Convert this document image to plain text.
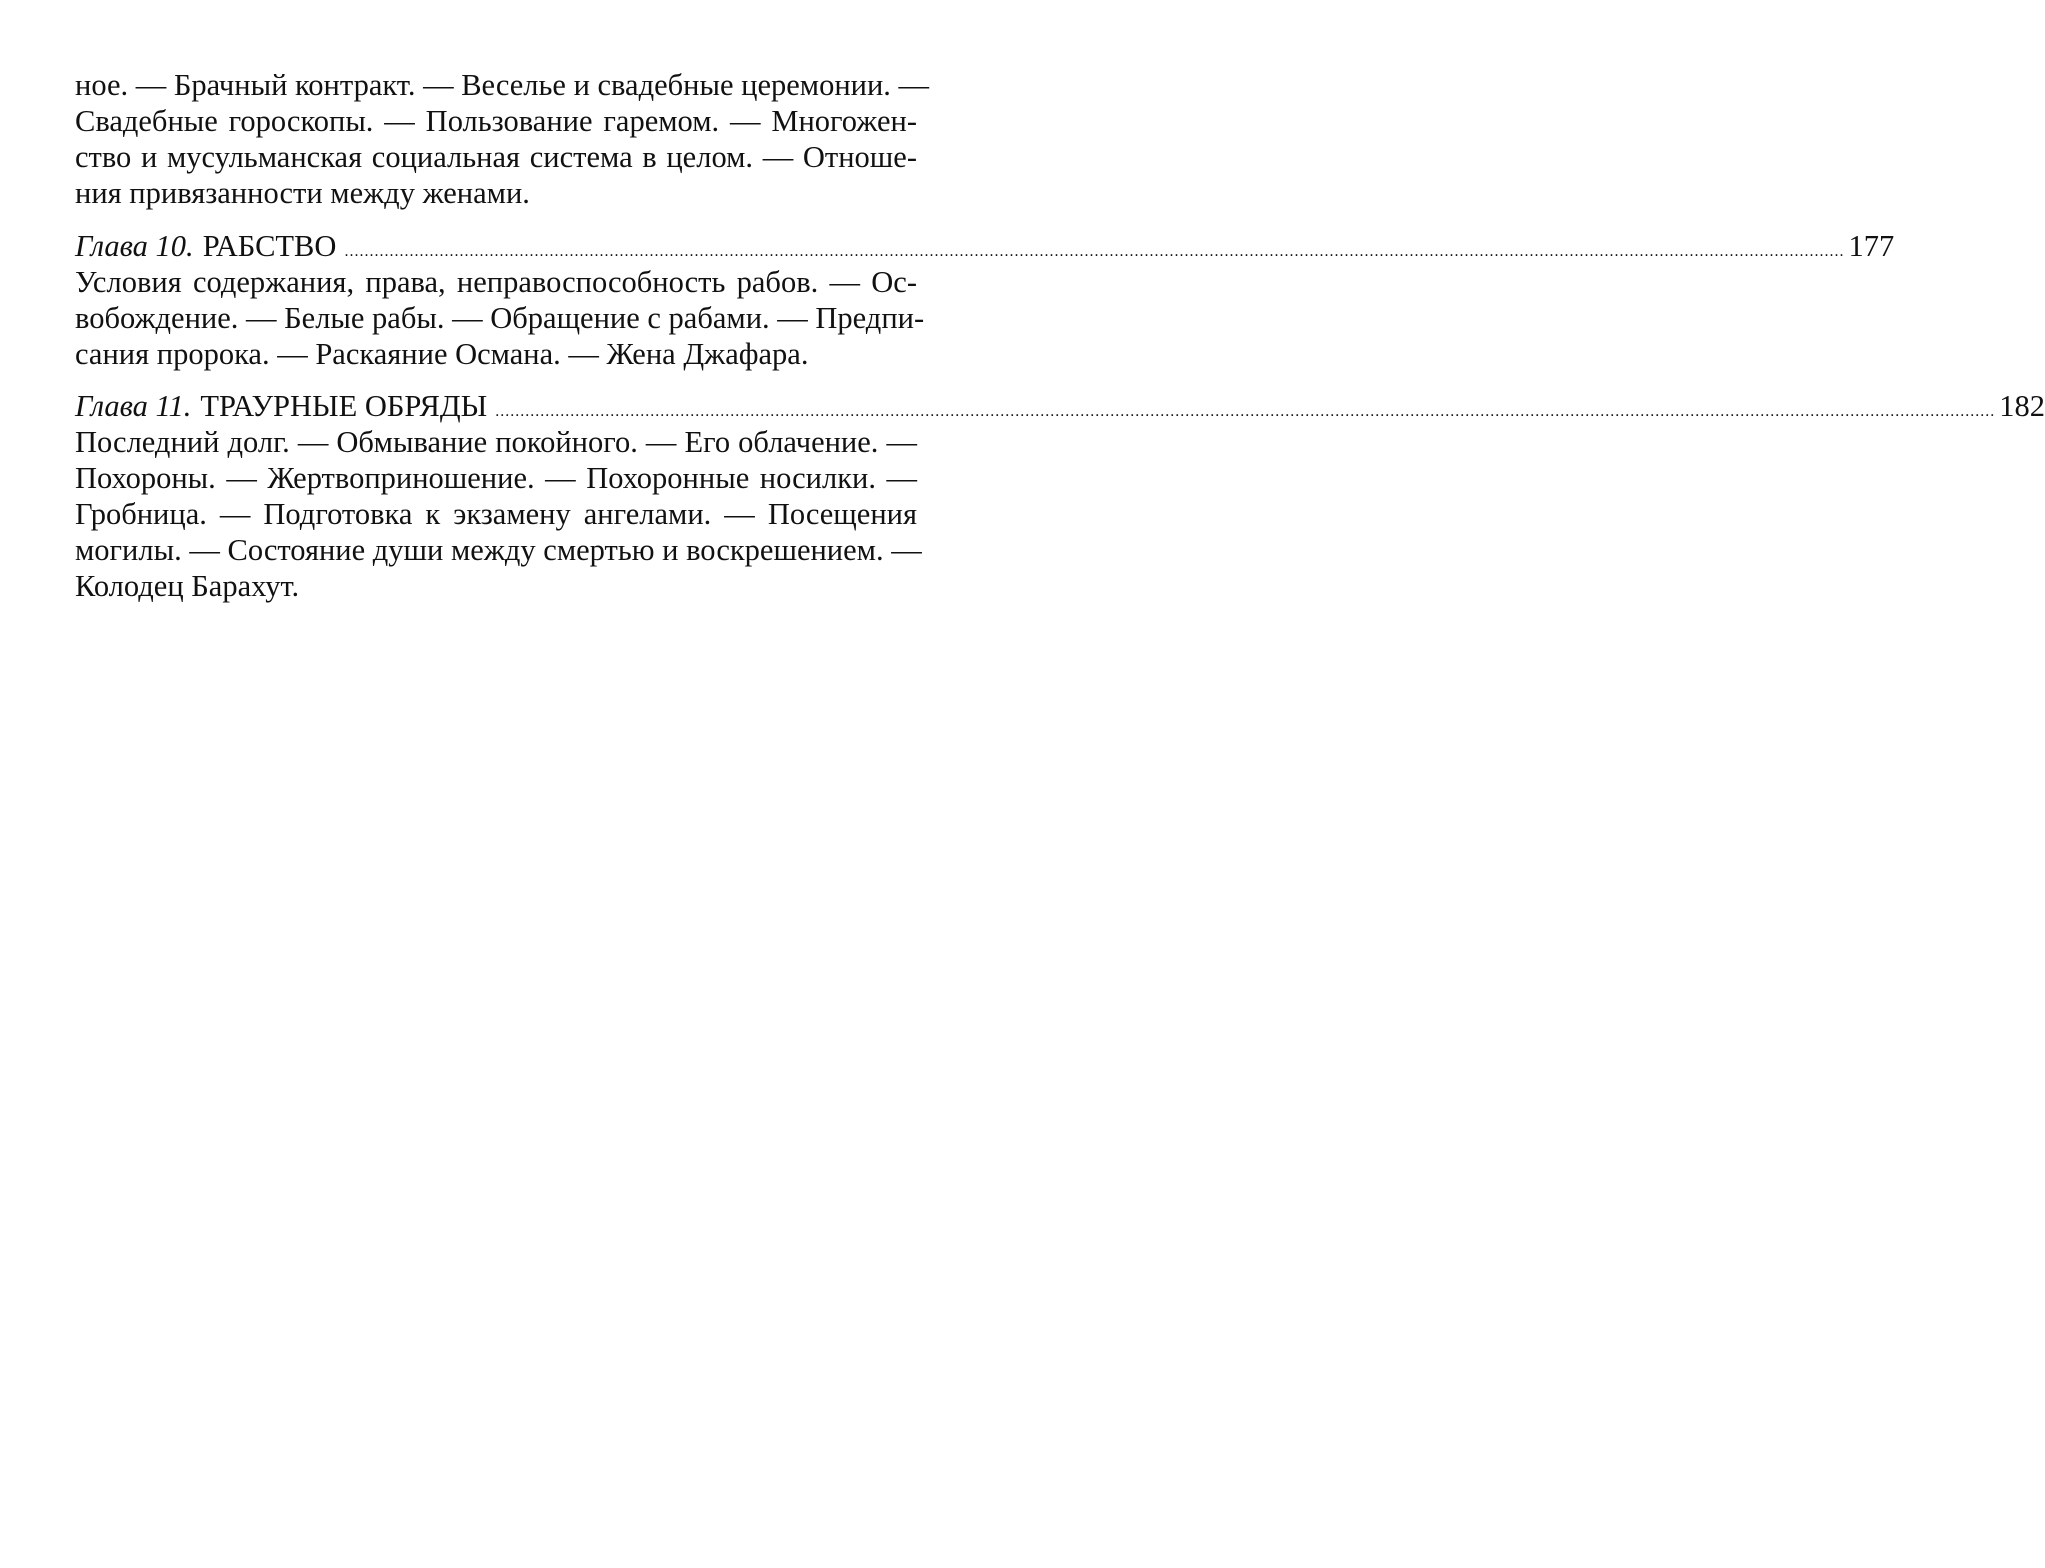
ное. — Брачный контракт. — Веселье и свадебные церемонии. —
Свадебные гороскопы. — Пользование гаремом. — Многожен-
ство и мусульманская социальная система в целом. — Отноше-
ния привязанности между женами.
Глава 10. РАБСТВО ............................................................................................................................................................................................................................................................................................................ 177
Условия содержания, права, неправоспособность рабов. — Ос-
вобождение. — Белые рабы. — Обращение с рабами. — Предпи-
сания пророка. — Раскаяние Османа. — Жена Джафара.
Глава 11. ТРАУРНЫЕ ОБРЯДЫ ............................................................................................................................................................................................................................................................................................................ 182
Последний долг. — Обмывание покойного. — Его облачение. —
Похороны. — Жертвоприношение. — Похоронные носилки. —
Гробница. — Подготовка к экзамену ангелами. — Посещения
могилы. — Состояние души между смертью и воскрешением. —
Колодец Барахут.
